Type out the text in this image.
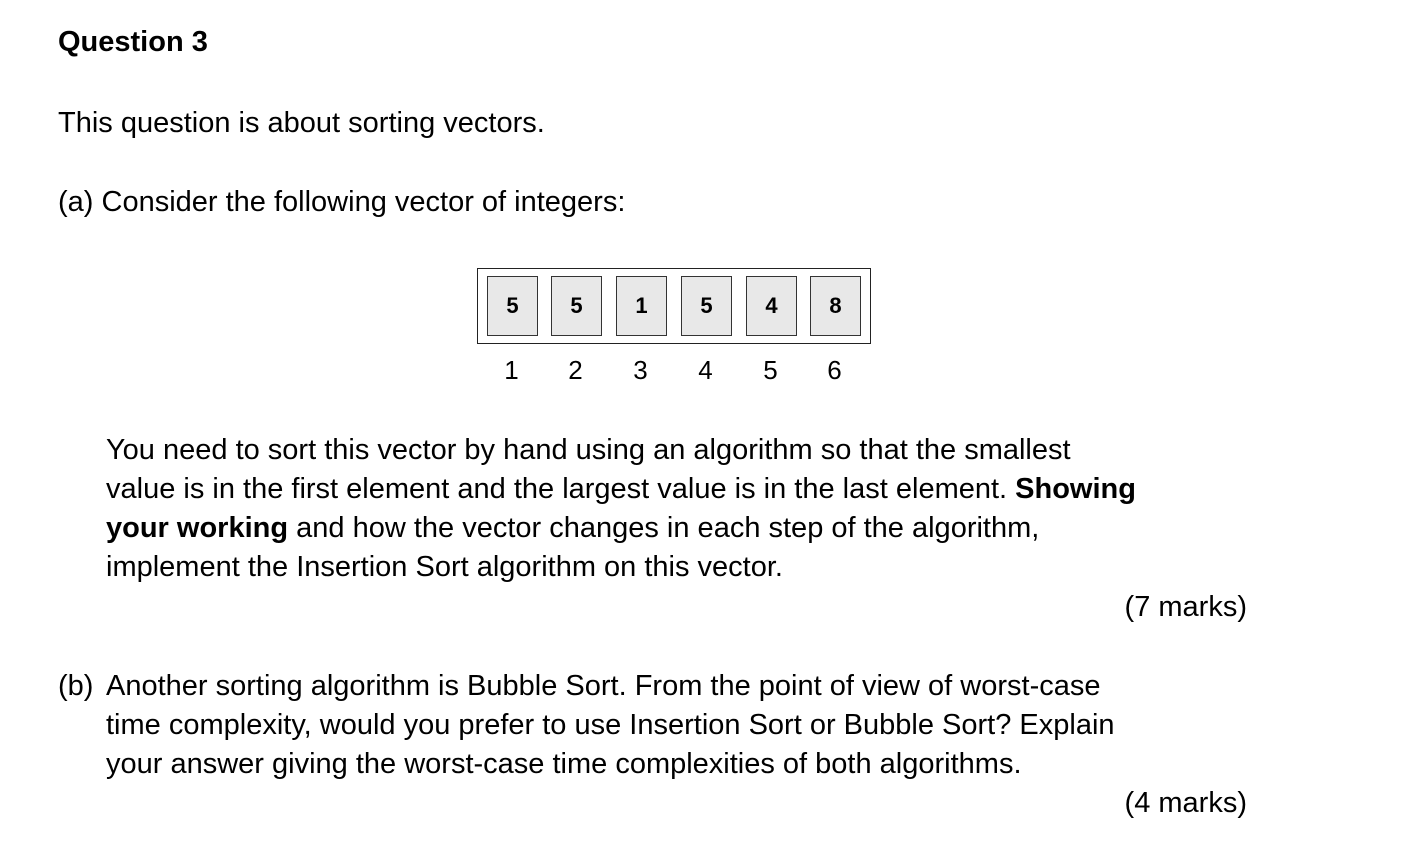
Question 3

This question is about sorting vectors.

(a) Consider the following vector of integers:

5	5	1	5	4	8
1	2	3	4	5	6
You need to sort this vector by hand using an algorithm so that the smallest
value is in the first element and the largest value is in the last element. Showing
your working and how the vector changes in each step of the algorithm,
implement the Insertion Sort algorithm on this vector.
(7 marks)
(b) Another sorting algorithm is Bubble Sort. From the point of view of worst-case
time complexity, would you prefer to use Insertion Sort or Bubble Sort? Explain
your answer giving the worst-case time complexities of both algorithms.
(4 marks)
